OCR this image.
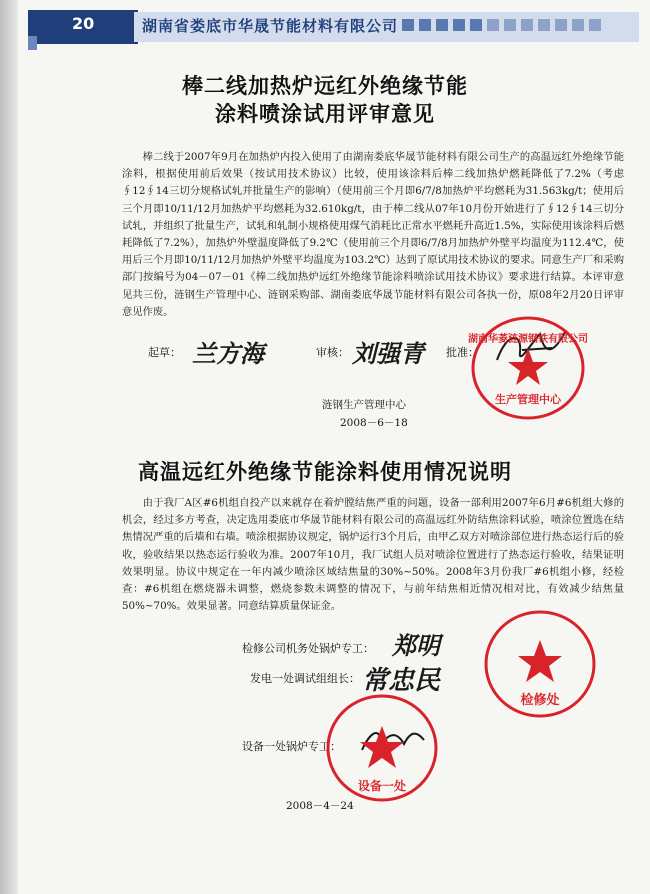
20	湖南省娄底市华晟节能材料有限公司
棒二线加热炉远红外绝缘节能
涂料喷涂试用评审意见
棒二线于2007年9月在加热炉内投入使用了由湖南娄底华晟节能材料有限公司生产的高温远红外绝缘节能涂料，根据使用前后效果（按试用技术协议）比较，使用该涂料后棒二线加热炉燃耗降低了7.2%（考虑∮12∮14三切分规格试轧并批量生产的影响）（使用前三个月即6/7/8加热炉平均燃耗为31.563kg/t；使用后三个月即10/11/12月加热炉平均燃耗为32.610kg/t，由于棒二线从07年10月份开始进行了∮12∮14三切分试轧，并组织了批量生产，试轧和轧制小规格使用煤气消耗比正常水平燃耗升高近1.5%，实际使用该涂料后燃耗降低了7.2%），加热炉外壁温度降低了9.2℃（使用前三个月即6/7/8月加热炉外壁平均温度为112.4℃，使用后三个月即10/11/12月加热炉外壁平均温度为103.2℃）达到了原试用技术协议的要求。同意生产厂和采购部门按编号为04－07－01《棒二线加热炉远红外绝缘节能涂料喷涂试用技术协议》要求进行结算。本评审意见共三份，涟钢生产管理中心、涟钢采购部、湖南娄底华晟节能材料有限公司各执一份，原08年2月20日评审意见作废。
起草： 兰方海	审核： 刘强青 批准：
湖南华菱涟源钢铁有限公司
生产管理中心
涟钢生产管理中心
2008－6－18
高温远红外绝缘节能涂料使用情况说明
由于我厂A区#6机组自投产以来就存在着炉膛结焦严重的问题，设备一部利用2007年6月#6机组大修的机会，经过多方考查，决定选用娄底市华晟节能材料有限公司的高温远红外防结焦涂料试验，喷涂位置选在结焦情况严重的后墙和右墙。喷涂根据协议规定，锅炉运行3个月后，由甲乙双方对喷涂部位进行热态运行后的验收，验收结果以热态运行验收为准。2007年10月，我厂试组人员对喷涂位置进行了热态运行验收，结果证明效果明显。协议中规定在一年内减少喷涂区域结焦量的30%~50%。2008年3月份我厂#6机组小修，经检查：#6机组在燃烧器未调整，燃烧参数未调整的情况下，与前年结焦相近情况相对比，有效减少结焦量50%~70%。效果显著。同意结算质量保证金。
检修公司机务处锅炉专工： 郑明
发电一处调试组组长： 常忠民
设备一处锅炉专工：
检修处
设备一处
2008－4－24
